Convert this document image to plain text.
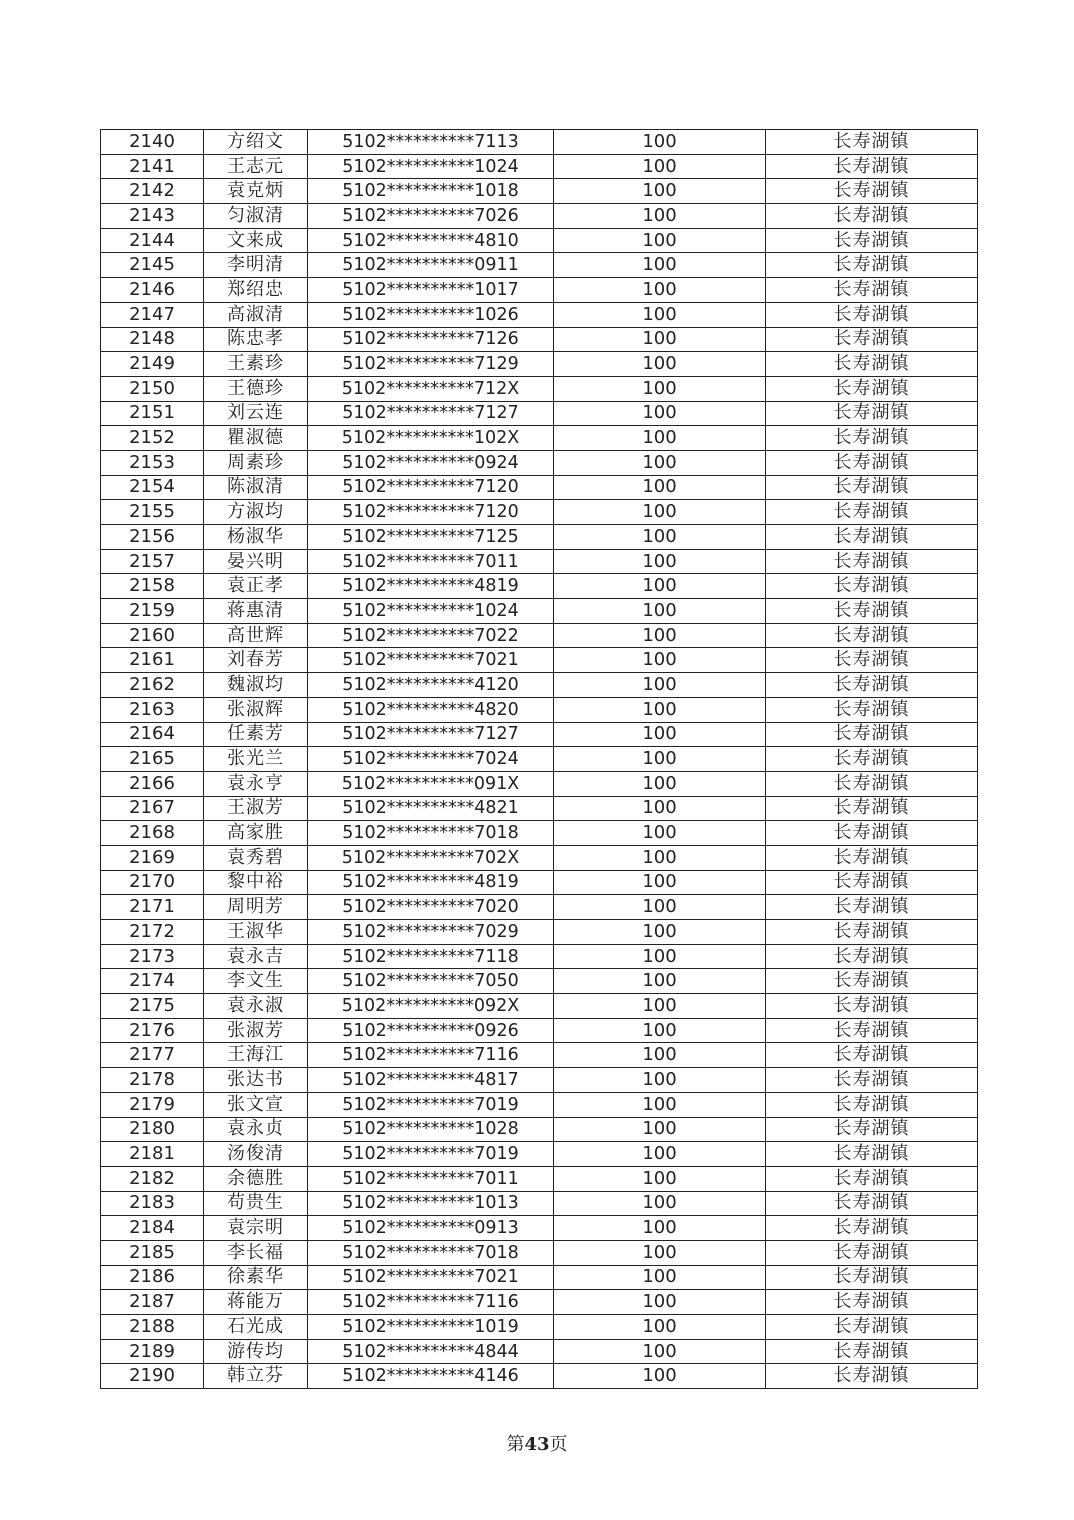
2140	方绍文	5102**********7113	100	长寿湖镇
2141	王志元	5102**********1024	100	长寿湖镇
2142	袁克炳	5102**********1018	100	长寿湖镇
2143	匀淑清	5102**********7026	100	长寿湖镇
2144	文来成	5102**********4810	100	长寿湖镇
2145	李明清	5102**********0911	100	长寿湖镇
2146	郑绍忠	5102**********1017	100	长寿湖镇
2147	高淑清	5102**********1026	100	长寿湖镇
2148	陈忠孝	5102**********7126	100	长寿湖镇
2149	王素珍	5102**********7129	100	长寿湖镇
2150	王德珍	5102**********712X	100	长寿湖镇
2151	刘云连	5102**********7127	100	长寿湖镇
2152	瞿淑德	5102**********102X	100	长寿湖镇
2153	周素珍	5102**********0924	100	长寿湖镇
2154	陈淑清	5102**********7120	100	长寿湖镇
2155	方淑均	5102**********7120	100	长寿湖镇
2156	杨淑华	5102**********7125	100	长寿湖镇
2157	晏兴明	5102**********7011	100	长寿湖镇
2158	袁正孝	5102**********4819	100	长寿湖镇
2159	蒋惠清	5102**********1024	100	长寿湖镇
2160	高世辉	5102**********7022	100	长寿湖镇
2161	刘春芳	5102**********7021	100	长寿湖镇
2162	魏淑均	5102**********4120	100	长寿湖镇
2163	张淑辉	5102**********4820	100	长寿湖镇
2164	任素芳	5102**********7127	100	长寿湖镇
2165	张光兰	5102**********7024	100	长寿湖镇
2166	袁永亨	5102**********091X	100	长寿湖镇
2167	王淑芳	5102**********4821	100	长寿湖镇
2168	高家胜	5102**********7018	100	长寿湖镇
2169	袁秀碧	5102**********702X	100	长寿湖镇
2170	黎中裕	5102**********4819	100	长寿湖镇
2171	周明芳	5102**********7020	100	长寿湖镇
2172	王淑华	5102**********7029	100	长寿湖镇
2173	袁永吉	5102**********7118	100	长寿湖镇
2174	李文生	5102**********7050	100	长寿湖镇
2175	袁永淑	5102**********092X	100	长寿湖镇
2176	张淑芳	5102**********0926	100	长寿湖镇
2177	王海江	5102**********7116	100	长寿湖镇
2178	张达书	5102**********4817	100	长寿湖镇
2179	张文宣	5102**********7019	100	长寿湖镇
2180	袁永贞	5102**********1028	100	长寿湖镇
2181	汤俊清	5102**********7019	100	长寿湖镇
2182	余德胜	5102**********7011	100	长寿湖镇
2183	苟贵生	5102**********1013	100	长寿湖镇
2184	袁宗明	5102**********0913	100	长寿湖镇
2185	李长福	5102**********7018	100	长寿湖镇
2186	徐素华	5102**********7021	100	长寿湖镇
2187	蒋能万	5102**********7116	100	长寿湖镇
2188	石光成	5102**********1019	100	长寿湖镇
2189	游传均	5102**********4844	100	长寿湖镇
2190	韩立芬	5102**********4146	100	长寿湖镇
第43页
